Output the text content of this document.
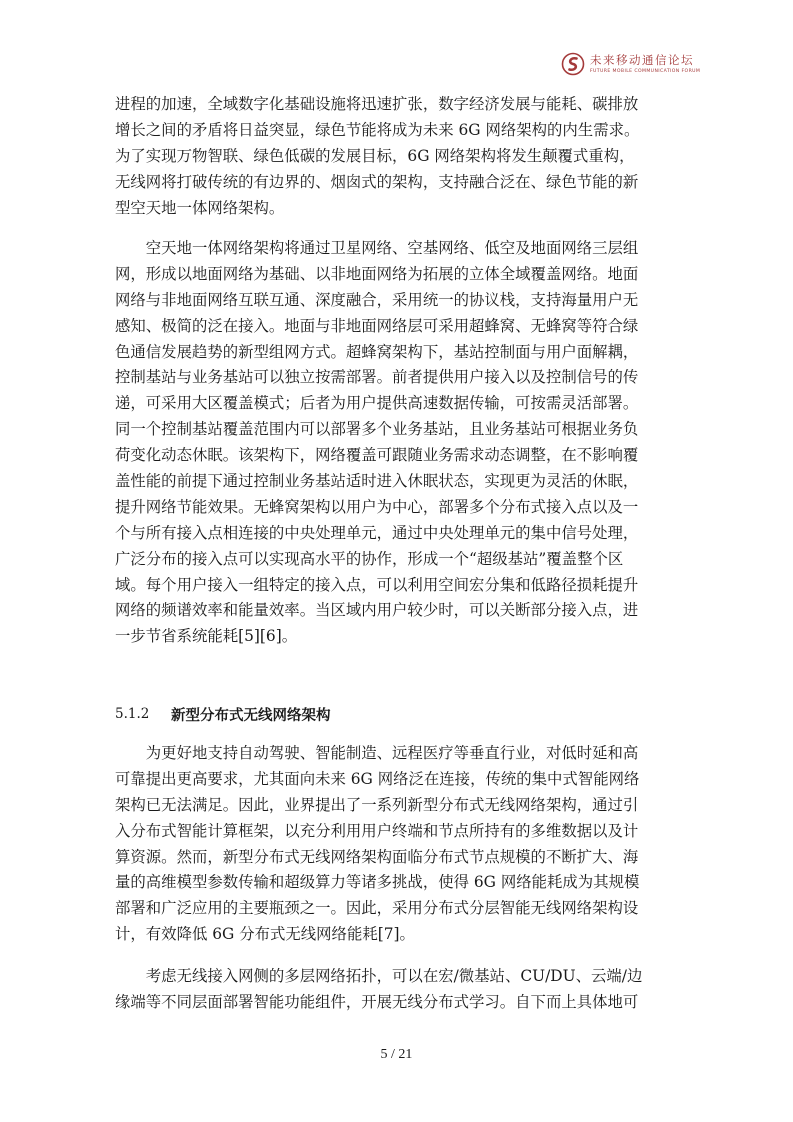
未来移动通信论坛
FUTURE MOBILE COMMUNICATION FORUM
进程的加速，全域数字化基础设施将迅速扩张，数字经济发展与能耗、碳排放
增长之间的矛盾将日益突显，绿色节能将成为未来 6G 网络架构的内生需求。
为了实现万物智联、绿色低碳的发展目标，6G 网络架构将发生颠覆式重构，
无线网将打破传统的有边界的、烟囱式的架构，支持融合泛在、绿色节能的新
型空天地一体网络架构。
　　空天地一体网络架构将通过卫星网络、空基网络、低空及地面网络三层组
网，形成以地面网络为基础、以非地面网络为拓展的立体全域覆盖网络。地面
网络与非地面网络互联互通、深度融合，采用统一的协议栈，支持海量用户无
感知、极简的泛在接入。地面与非地面网络层可采用超蜂窝、无蜂窝等符合绿
色通信发展趋势的新型组网方式。超蜂窝架构下，基站控制面与用户面解耦，
控制基站与业务基站可以独立按需部署。前者提供用户接入以及控制信号的传
递，可采用大区覆盖模式；后者为用户提供高速数据传输，可按需灵活部署。
同一个控制基站覆盖范围内可以部署多个业务基站，且业务基站可根据业务负
荷变化动态休眠。该架构下，网络覆盖可跟随业务需求动态调整，在不影响覆
盖性能的前提下通过控制业务基站适时进入休眠状态，实现更为灵活的休眠，
提升网络节能效果。无蜂窝架构以用户为中心，部署多个分布式接入点以及一
个与所有接入点相连接的中央处理单元，通过中央处理单元的集中信号处理，
广泛分布的接入点可以实现高水平的协作，形成一个“超级基站”覆盖整个区
域。每个用户接入一组特定的接入点，可以利用空间宏分集和低路径损耗提升
网络的频谱效率和能量效率。当区域内用户较少时，可以关断部分接入点，进
一步节省系统能耗[5][6]。
5.1.2 新型分布式无线网络架构
　　为更好地支持自动驾驶、智能制造、远程医疗等垂直行业，对低时延和高
可靠提出更高要求，尤其面向未来 6G 网络泛在连接，传统的集中式智能网络
架构已无法满足。因此，业界提出了一系列新型分布式无线网络架构，通过引
入分布式智能计算框架，以充分利用用户终端和节点所持有的多维数据以及计
算资源。然而，新型分布式无线网络架构面临分布式节点规模的不断扩大、海
量的高维模型参数传输和超级算力等诸多挑战，使得 6G 网络能耗成为其规模
部署和广泛应用的主要瓶颈之一。因此，采用分布式分层智能无线网络架构设
计，有效降低 6G 分布式无线网络能耗[7]。
　　考虑无线接入网侧的多层网络拓扑，可以在宏/微基站、CU/DU、云端/边
缘端等不同层面部署智能功能组件，开展无线分布式学习。自下而上具体地可
5 / 21
